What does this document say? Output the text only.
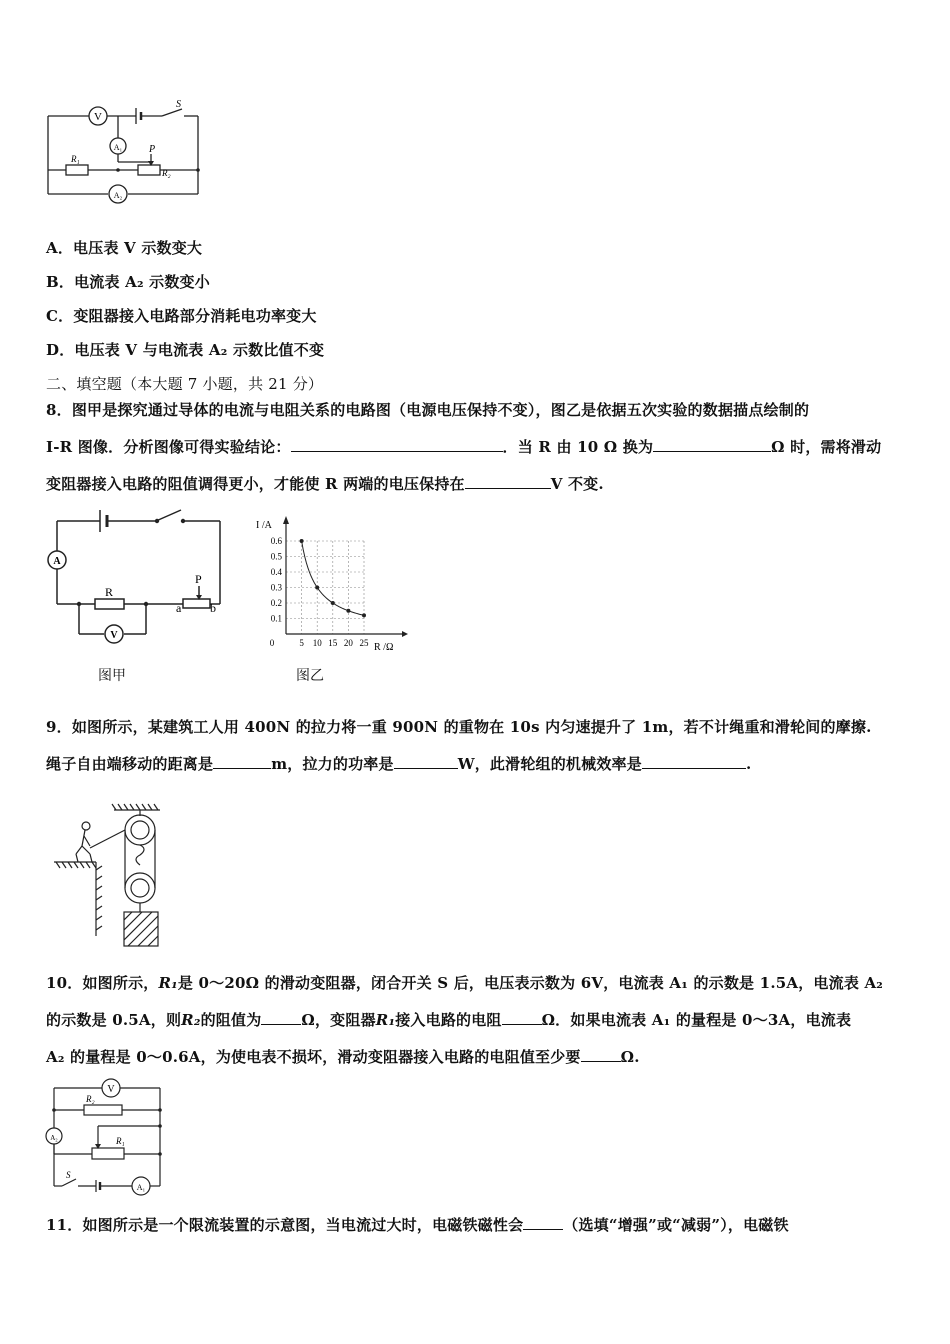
V
S
A₁	P
R₁
R₂
A₂
A．电压表 V 示数变大
B．电流表 A₂ 示数变小
C．变阻器接入电路部分消耗电功率变大
D．电压表 V 与电流表 A₂ 示数比值不变
二、填空题（本大题 7 小题，共 21 分）
8．图甲是探究通过导体的电流与电阻关系的电路图（电源电压保持不变），图乙是依据五次实验的数据描点绘制的
I-R 图像．分析图像可得实验结论：	．当 R 由 10 Ω 换为	Ω 时，需将滑动
变阻器接入电路的阻值调得更小，才能使 R 两端的电压保持在	V 不变.
A
R
V
P
a b
图甲
I /A
R /Ω
0	5 10 15 20 25
0.1
0.2
0.3
0.4
0.5
0.6
图乙
9．如图所示，某建筑工人用 400N 的拉力将一重 900N 的重物在 10s 内匀速提升了 1m，若不计绳重和滑轮间的摩擦.
绳子自由端移动的距离是	m，拉力的功率是	W，此滑轮组的机械效率是	.
10．如图所示，R₁是 0～20Ω 的滑动变阻器，闭合开关 S 后，电压表示数为 6V，电流表 A₁ 的示数是 1.5A，电流表 A₂
的示数是 0.5A，则R₂的阻值为	Ω，变阻器R₁接入电路的电阻	Ω．如果电流表 A₁ 的量程是 0～3A，电流表
A₂ 的量程是 0～0.6A，为使电表不损坏，滑动变阻器接入电路的电阻值至少要	Ω.
V
R₂
R₁
A₂
S
A₁
11．如图所示是一个限流装置的示意图，当电流过大时，电磁铁磁性会	（选填“增强”或“减弱”），电磁铁
